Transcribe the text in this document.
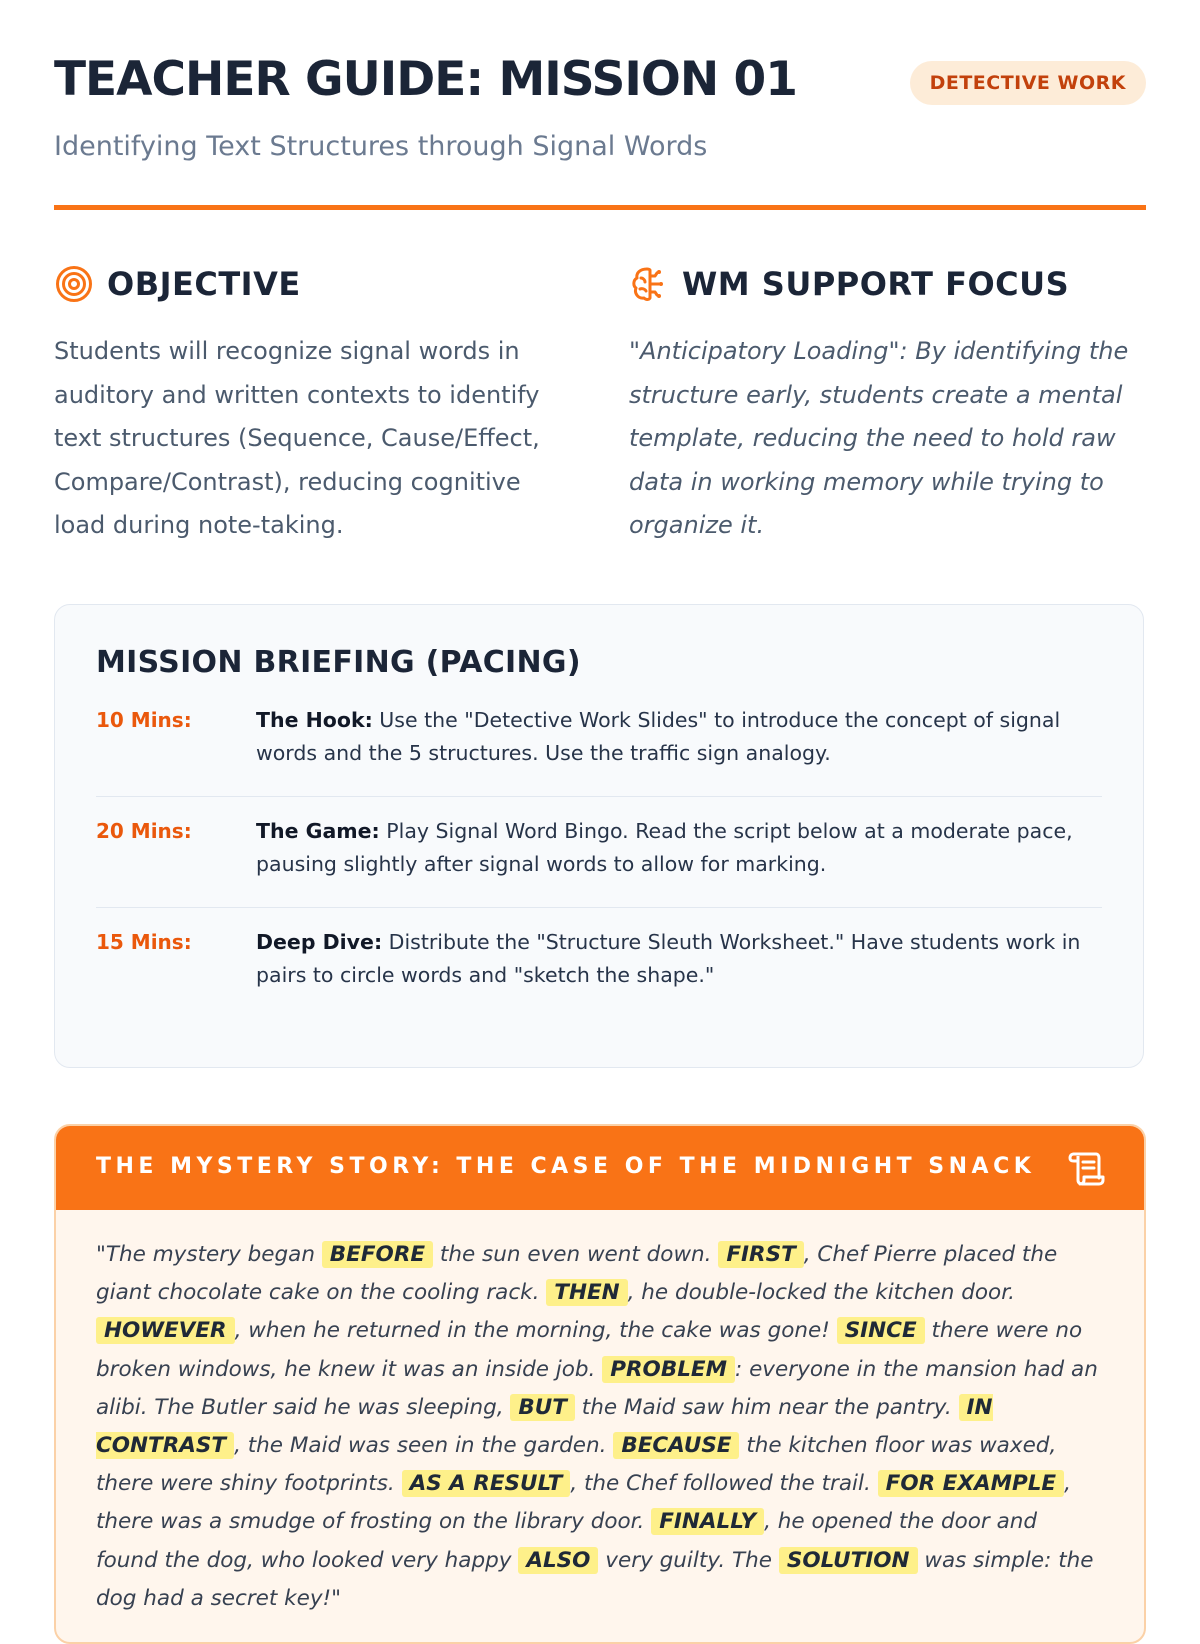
TEACHER GUIDE: MISSION 01	DETECTIVE WORK
Identifying Text Structures through Signal Words
OBJECTIVE

Students will recognize signal words in auditory and written contexts to identify text structures (Sequence, Cause/Effect, Compare/Contrast), reducing cognitive load during note-taking.

WM SUPPORT FOCUS

"Anticipatory Loading": By identifying the structure early, students create a mental template, reducing the need to hold raw data in working memory while trying to organize it.

MISSION BRIEFING (PACING)
10 Mins:	The Hook: Use the "Detective Work Slides" to introduce the concept of signal words and the 5 structures. Use the traffic sign analogy.
20 Mins:	The Game: Play Signal Word Bingo. Read the script below at a moderate pace, pausing slightly after signal words to allow for marking.
15 Mins:	Deep Dive: Distribute the "Structure Sleuth Worksheet." Have students work in pairs to circle words and "sketch the shape."
THE MYSTERY STORY: THE CASE OF THE MIDNIGHT SNACK
"The mystery began BEFORE the sun even went down. FIRST , Chef Pierre placed the giant chocolate cake on the cooling rack. THEN , he double-locked the kitchen door. HOWEVER , when he returned in the morning, the cake was gone! SINCE there were no broken windows, he knew it was an inside job. PROBLEM : everyone in the mansion had an alibi. The Butler said he was sleeping, BUT the Maid saw him near the pantry. IN CONTRAST , the Maid was seen in the garden. BECAUSE the kitchen floor was waxed, there were shiny footprints. AS A RESULT , the Chef followed the trail. FOR EXAMPLE , there was a smudge of frosting on the library door. FINALLY , he opened the door and found the dog, who looked very happy ALSO very guilty. The SOLUTION was simple: the dog had a secret key!"
